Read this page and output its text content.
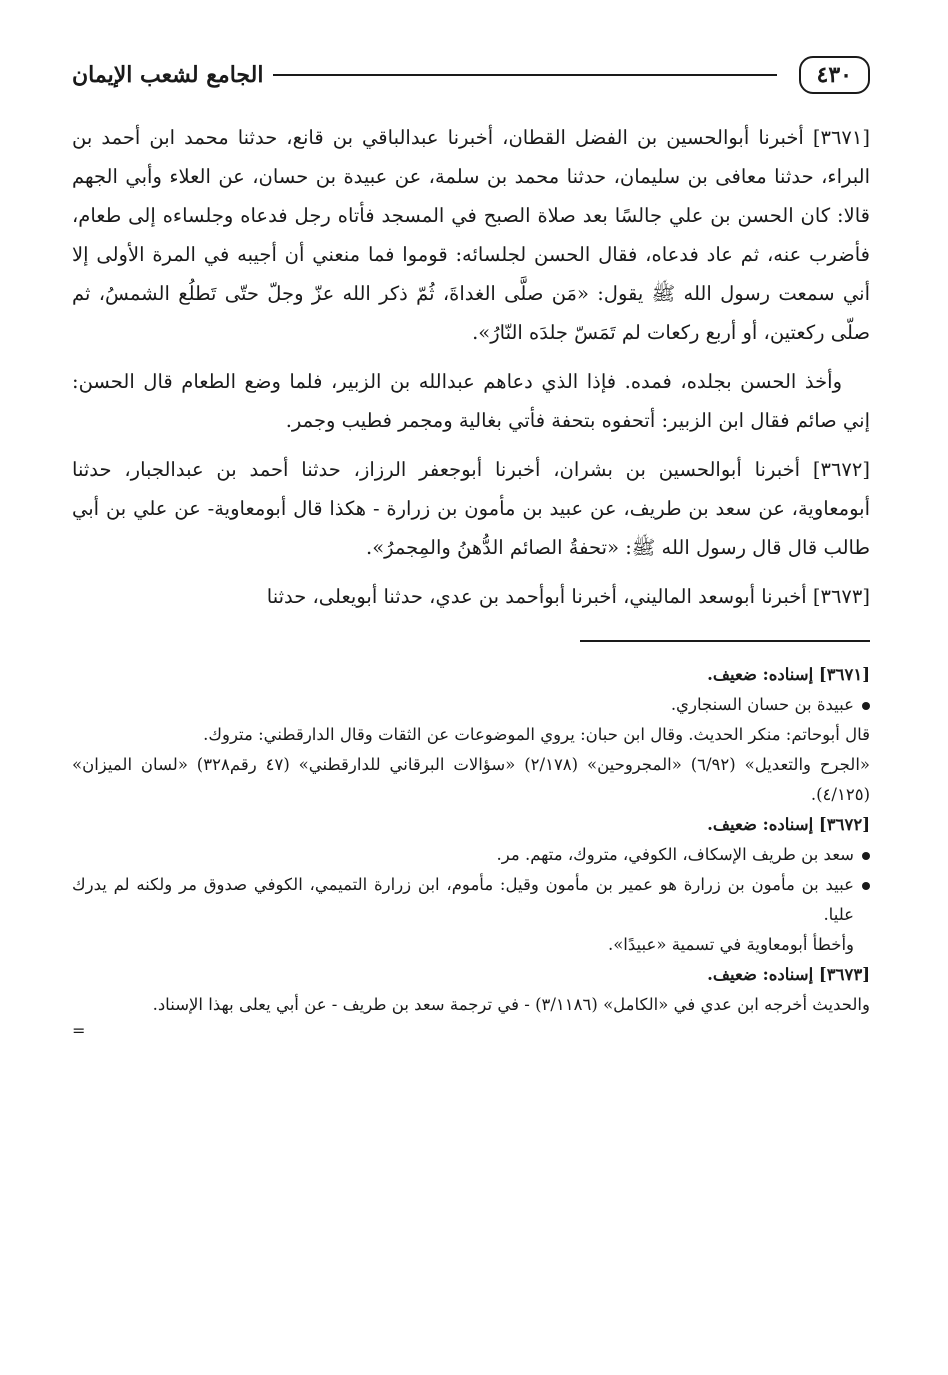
٤٣٠
الجامع لشعب الإيمان

[٣٦٧١] أخبرنا أبوالحسين بن الفضل القطان، أخبرنا عبدالباقي بن قانع، حدثنا محمد ابن أحمد بن البراء، حدثنا معافى بن سليمان، حدثنا محمد بن سلمة، عن عبيدة بن حسان، عن العلاء وأبي الجهم قالا: كان الحسن بن علي جالسًا بعد صلاة الصبح في المسجد فأتاه رجل فدعاه وجلساءه إلى طعام، فأضرب عنه، ثم عاد فدعاه، فقال الحسن لجلسائه: قوموا فما منعني أن أجيبه في المرة الأولى إلا أني سمعت رسول الله ﷺ يقول: «مَن صلَّى الغداةَ، ثُمّ ذكر الله عزّ وجلّ حتّى تَطلُع الشمسُ، ثم صلّى ركعتين، أو أربع ركعات لم تَمَسّ جلدَه النّارُ».

وأخذ الحسن بجلده، فمده. فإذا الذي دعاهم عبدالله بن الزبير، فلما وضع الطعام قال الحسن: إني صائم فقال ابن الزبير: أتحفوه بتحفة فأتي بغالية ومجمر فطيب وجمر.

[٣٦٧٢] أخبرنا أبوالحسين بن بشران، أخبرنا أبوجعفر الرزاز، حدثنا أحمد بن عبدالجبار، حدثنا أبومعاوية، عن سعد بن طريف، عن عبيد بن مأمون بن زرارة - هكذا قال أبومعاوية- عن علي بن أبي طالب قال قال رسول الله ﷺ: «تحفةُ الصائم الدُّهنُ والمِجمرُ».

[٣٦٧٣] أخبرنا أبوسعد الماليني، أخبرنا أبوأحمد بن عدي، حدثنا أبويعلى، حدثنا

[٣٦٧١] إسناده: ضعيف.

عبيدة بن حسان السنجاري.

قال أبوحاتم: منكر الحديث. وقال ابن حبان: يروي الموضوعات عن الثقات وقال الدارقطني: متروك.

«الجرح والتعديل» (٦/٩٢) «المجروحين» (٢/١٧٨) «سؤالات البرقاني للدارقطني» (٤٧ رقم٣٢٨) «لسان الميزان» (٤/١٢٥).

[٣٦٧٢] إسناده: ضعيف.

سعد بن طريف الإسكاف، الكوفي، متروك، متهم. مر.

عبيد بن مأمون بن زرارة هو عمير بن مأمون وقيل: مأموم، ابن زرارة التميمي، الكوفي صدوق مر ولكنه لم يدرك عليا.

وأخطأ أبومعاوية في تسمية «عبيدًا».

[٣٦٧٣] إسناده: ضعيف.

والحديث أخرجه ابن عدي في «الكامل» (٣/١١٨٦) - في ترجمة سعد بن طريف - عن أبي يعلى بهذا الإسناد.

=
